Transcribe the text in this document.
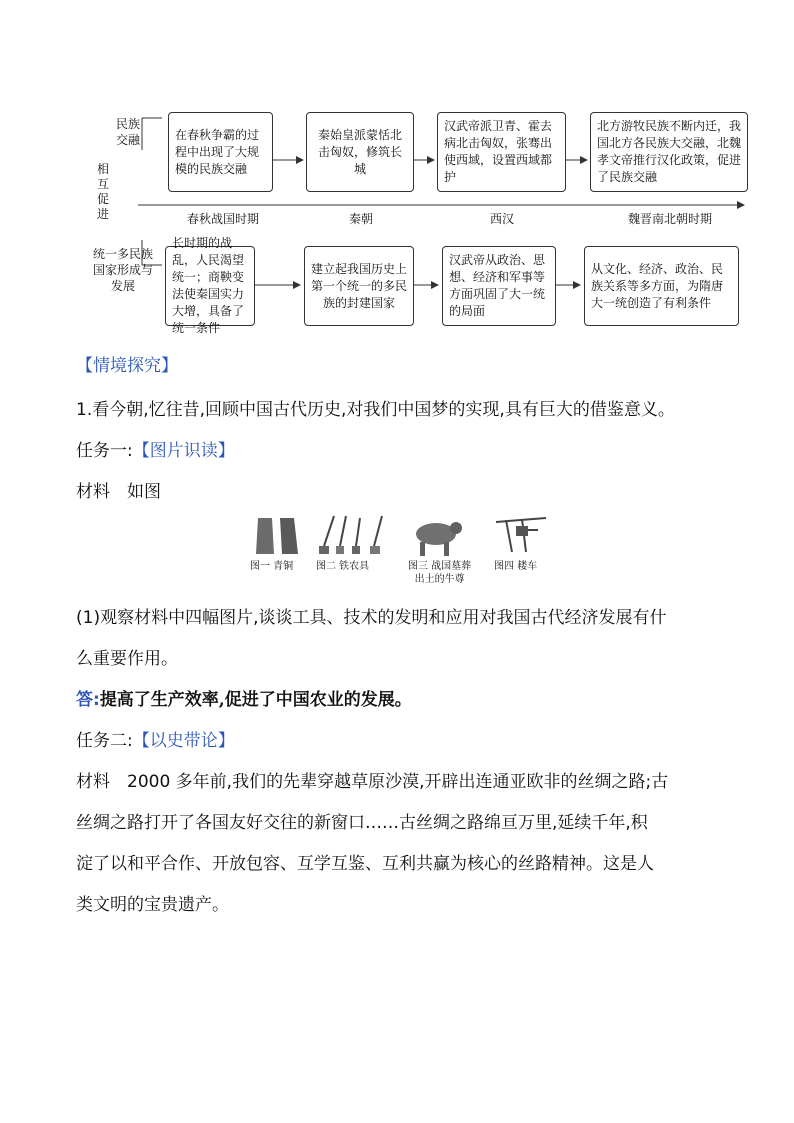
民族
交融
相互促进
统一多民族
国家形成与
发展
在春秋争霸的过程中出现了大规模的民族交融
秦始皇派蒙恬北击匈奴，修筑长城
汉武帝派卫青、霍去病北击匈奴，张骞出使西域，设置西域都护
北方游牧民族不断内迁，我国北方各民族大交融，北魏孝文帝推行汉化政策，促进了民族交融
春秋战国时期	秦朝	西汉	魏晋南北朝时期
长时期的战乱，人民渴望统一；商鞅变法使秦国实力大增，具备了统一条件
建立起我国历史上第一个统一的多民族的封建国家
汉武帝从政治、思想、经济和军事等方面巩固了大一统的局面
从文化、经济、政治、民族关系等多方面，为隋唐大一统创造了有利条件
【情境探究】
1.看今朝,忆往昔,回顾中国古代历史,对我们中国梦的实现,具有巨大的借鉴意义。
任务一:【图片识读】
材料　如图
图一 青铜 图二 铁农具	图三 战国墓葬
出土的牛尊
图四 耧车
(1)观察材料中四幅图片,谈谈工具、技术的发明和应用对我国古代经济发展有什
么重要作用。
答:提高了生产效率,促进了中国农业的发展。
任务二:【以史带论】
材料　2000 多年前,我们的先辈穿越草原沙漠,开辟出连通亚欧非的丝绸之路;古
丝绸之路打开了各国友好交往的新窗口……古丝绸之路绵亘万里,延续千年,积
淀了以和平合作、开放包容、互学互鉴、互利共赢为核心的丝路精神。这是人
类文明的宝贵遗产。
